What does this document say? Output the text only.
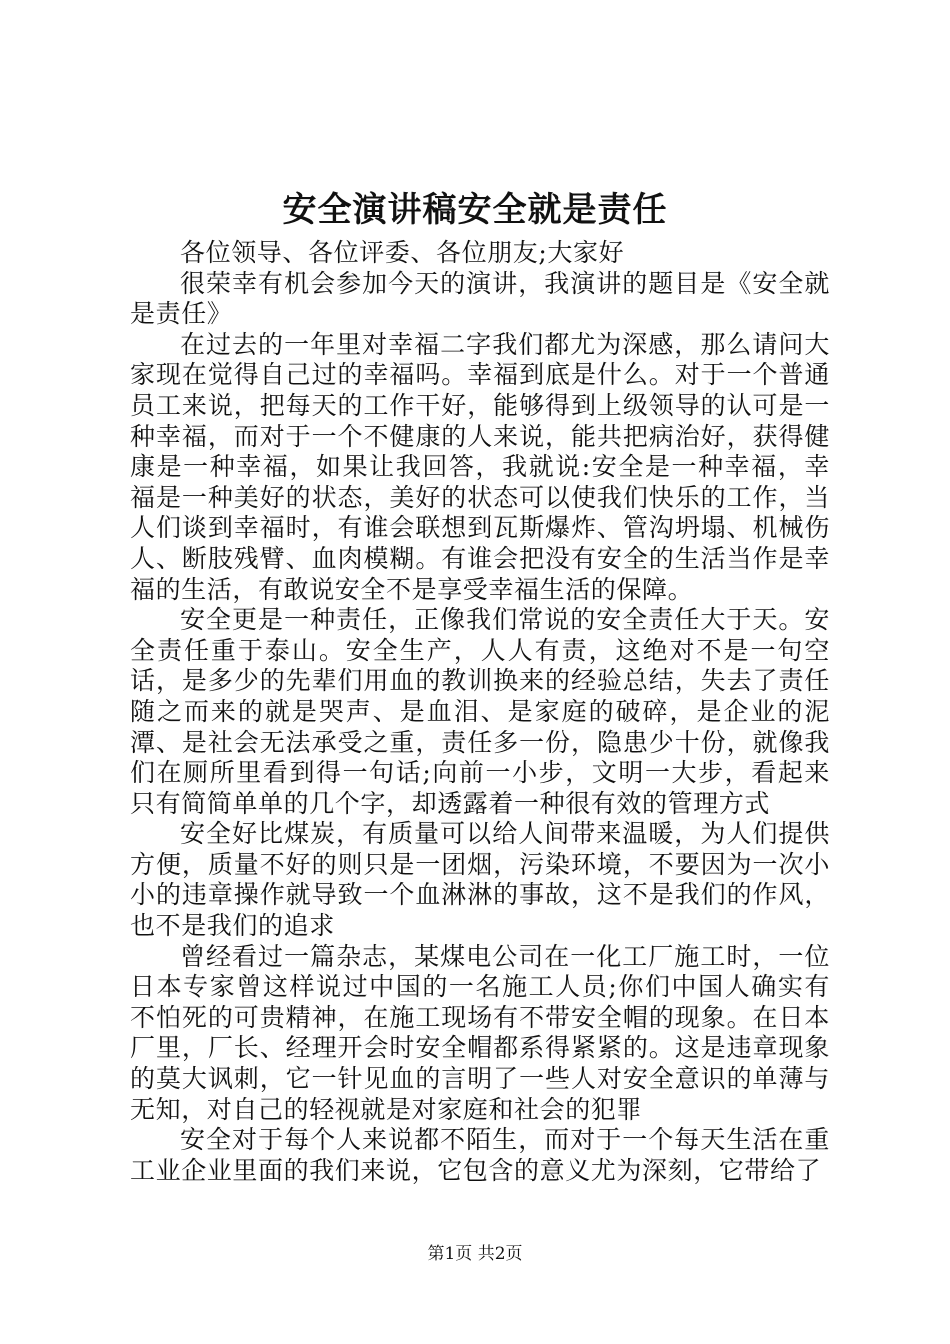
安全演讲稿安全就是责任

各位领导、各位评委、各位朋友;大家好

很荣幸有机会参加今天的演讲，我演讲的题目是《安全就是责任》

在过去的一年里对幸福二字我们都尤为深感，那么请问大家现在觉得自己过的幸福吗。幸福到底是什么。对于一个普通员工来说，把每天的工作干好，能够得到上级领导的认可是一种幸福，而对于一个不健康的人来说，能共把病治好，获得健康是一种幸福，如果让我回答，我就说:安全是一种幸福，幸福是一种美好的状态，美好的状态可以使我们快乐的工作，当人们谈到幸福时，有谁会联想到瓦斯爆炸、管沟坍塌、机械伤人、断肢残臂、血肉模糊。有谁会把没有安全的生活当作是幸福的生活，有敢说安全不是享受幸福生活的保障。

安全更是一种责任，正像我们常说的安全责任大于天。安全责任重于泰山。安全生产，人人有责，这绝对不是一句空话，是多少的先辈们用血的教训换来的经验总结，失去了责任随之而来的就是哭声、是血泪、是家庭的破碎，是企业的泥潭、是社会无法承受之重，责任多一份，隐患少十份，就像我们在厕所里看到得一句话;向前一小步，文明一大步，看起来只有简简单单的几个字，却透露着一种很有效的管理方式

安全好比煤炭，有质量可以给人间带来温暖，为人们提供方便，质量不好的则只是一团烟，污染环境，不要因为一次小小的违章操作就导致一个血淋淋的事故，这不是我们的作风，也不是我们的追求

曾经看过一篇杂志，某煤电公司在一化工厂施工时，一位日本专家曾这样说过中国的一名施工人员;你们中国人确实有不怕死的可贵精神，在施工现场有不带安全帽的现象。在日本厂里，厂长、经理开会时安全帽都系得紧紧的。这是违章现象的莫大讽刺，它一针见血的言明了一些人对安全意识的单薄与无知，对自己的轻视就是对家庭和社会的犯罪

安全对于每个人来说都不陌生，而对于一个每天生活在重工业企业里面的我们来说，它包含的意义尤为深刻，它带给了

第1页 共2页
